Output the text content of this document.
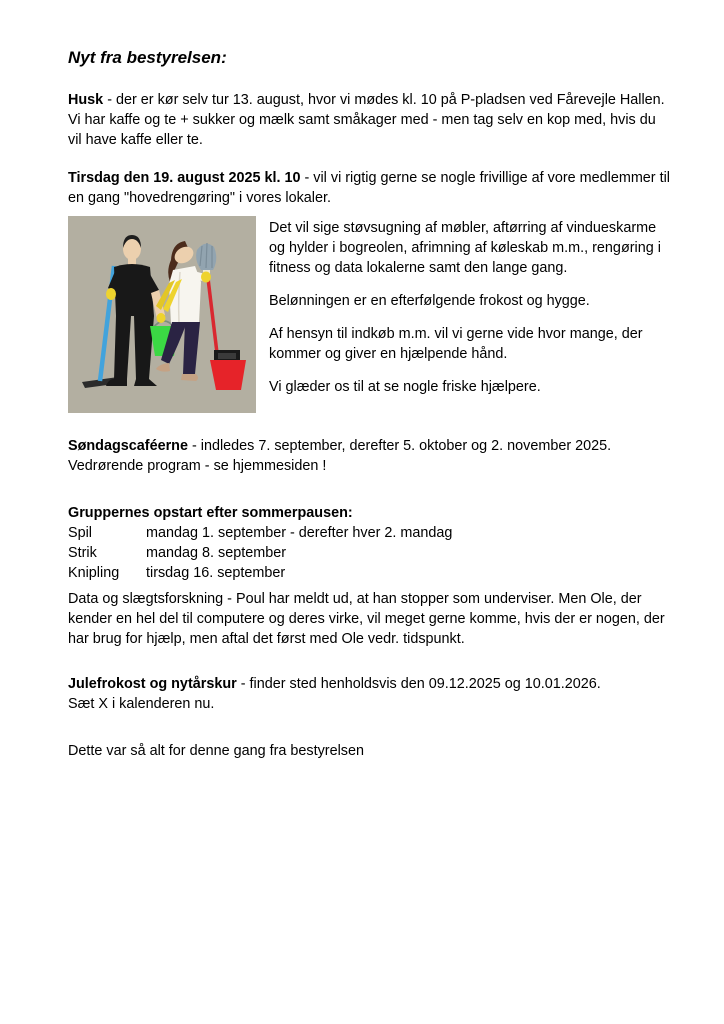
Nyt fra bestyrelsen:

Husk - der er kør selv tur 13. august, hvor vi mødes kl. 10 på P-pladsen ved Fårevejle Hallen.
Vi har kaffe og te + sukker og mælk samt småkager med - men tag selv en kop med, hvis du vil have kaffe eller te.

Tirsdag den 19. august 2025 kl. 10 - vil vi rigtig gerne se nogle frivillige af vore medlemmer til en gang "hovedrengøring" i vores lokaler.

Det vil sige støvsugning af møbler, aftørring af vindueskarme og hylder i bogreolen, afrimning af køleskab m.m., rengøring i fitness og data lokalerne samt den lange gang.

Belønningen er en efterfølgende frokost og hygge.

Af hensyn til indkøb m.m. vil vi gerne vide hvor mange, der kommer og giver en hjælpende hånd.

Vi glæder os til at se nogle friske hjælpere.

Søndagscaféerne - indledes 7. september, derefter 5. oktober og 2. november 2025.
Vedrørende program - se hjemmesiden !

Gruppernes opstart efter sommerpausen:

Spil	mandag 1. september - derefter hver 2. mandag
Strik	mandag 8. september
Knipling tirsdag 16. september

Data og slægtsforskning - Poul har meldt ud, at han stopper som underviser. Men Ole, der kender en hel del til computere og deres virke, vil meget gerne komme, hvis der er nogen, der har brug for hjælp, men aftal det først med Ole vedr. tidspunkt.

Julefrokost og nytårskur - finder sted henholdsvis den 09.12.2025 og 10.01.2026.
Sæt X i kalenderen nu.

Dette var så alt for denne gang fra bestyrelsen
